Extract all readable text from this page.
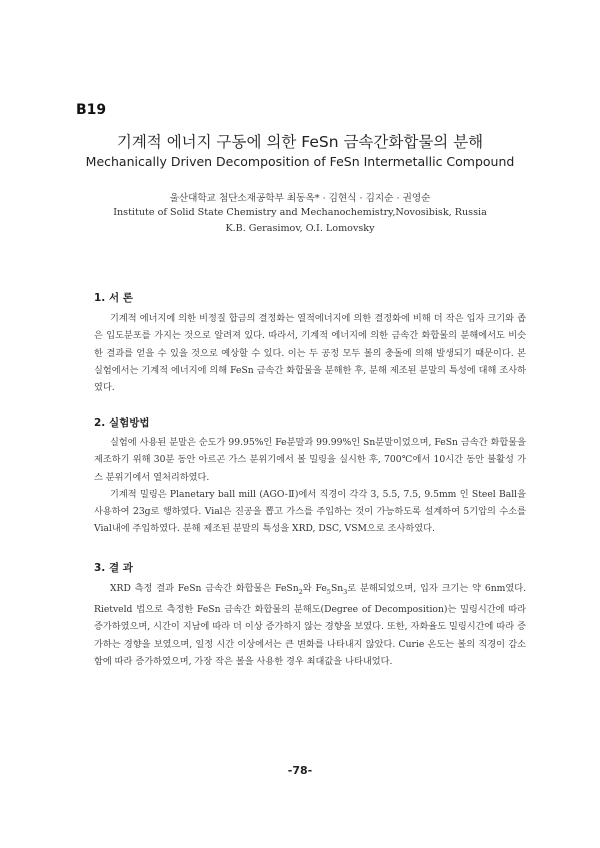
B19
기계적 에너지 구동에 의한 FeSn 금속간화합물의 분해
Mechanically Driven Decomposition of FeSn Intermetallic Compound
울산대학교 첨단소재공학부 최동옥* · 김현식 · 김지순 · 권영순
Institute of Solid State Chemistry and Mechanochemistry,Novosibisk, Russia
K.B. Gerasimov, O.I. Lomovsky
1. 서 론

기계적 에너지에 의한 비정질 합금의 결정화는 열적에너지에 의한 결정화에 비해 더 작은 입자 크기와 좁은 입도분포를 가지는 것으로 알려져 있다. 따라서, 기계적 에너지에 의한 금속간 화합물의 분해에서도 비슷한 결과를 얻을 수 있을 것으로 예상할 수 있다. 이는 두 공정 모두 볼의 충돌에 의해 발생되기 때문이다. 본 실험에서는 기계적 에너지에 의해 FeSn 금속간 화합물을 분해한 후, 분해 제조된 분말의 특성에 대해 조사하였다.

2. 실험방법

실험에 사용된 분말은 순도가 99.95%인 Fe분말과 99.99%인 Sn분말이었으며, FeSn 금속간 화합물을 제조하기 위해 30분 동안 아르곤 가스 분위기에서 볼 밀링을 실시한 후, 700℃에서 10시간 동안 불활성 가스 분위기에서 열처리하였다.

기계적 밀링은 Planetary ball mill (AGO-Ⅱ)에서 직경이 각각 3, 5.5, 7.5, 9.5mm 인 Steel Ball을 사용하여 23g로 행하였다. Vial은 진공을 뽑고 가스를 주입하는 것이 가능하도록 설계하여 5기압의 수소를 Vial내에 주입하였다. 분해 제조된 분말의 특성을 XRD, DSC, VSM으로 조사하였다.

3. 결 과

XRD 측정 결과 FeSn 금속간 화합물은 FeSn$_2$와 $Fe_5Sn_3$로 분해되었으며, 입자 크기는 약 6nm였다. Rietveld 법으로 측정한 FeSn 금속간 화합물의 분해도(Degree of Decomposition)는 밀링시간에 따라 증가하였으며, 시간이 지남에 따라 더 이상 증가하지 않는 경향을 보였다. 또한, 자화율도 밀링시간에 따라 증가하는 경향을 보였으며, 일정 시간 이상에서는 큰 변화를 나타내지 않았다. Curie 온도는 볼의 직경이 감소함에 따라 증가하였으며, 가장 작은 볼을 사용한 경우 최대값을 나타내었다.

-78-
